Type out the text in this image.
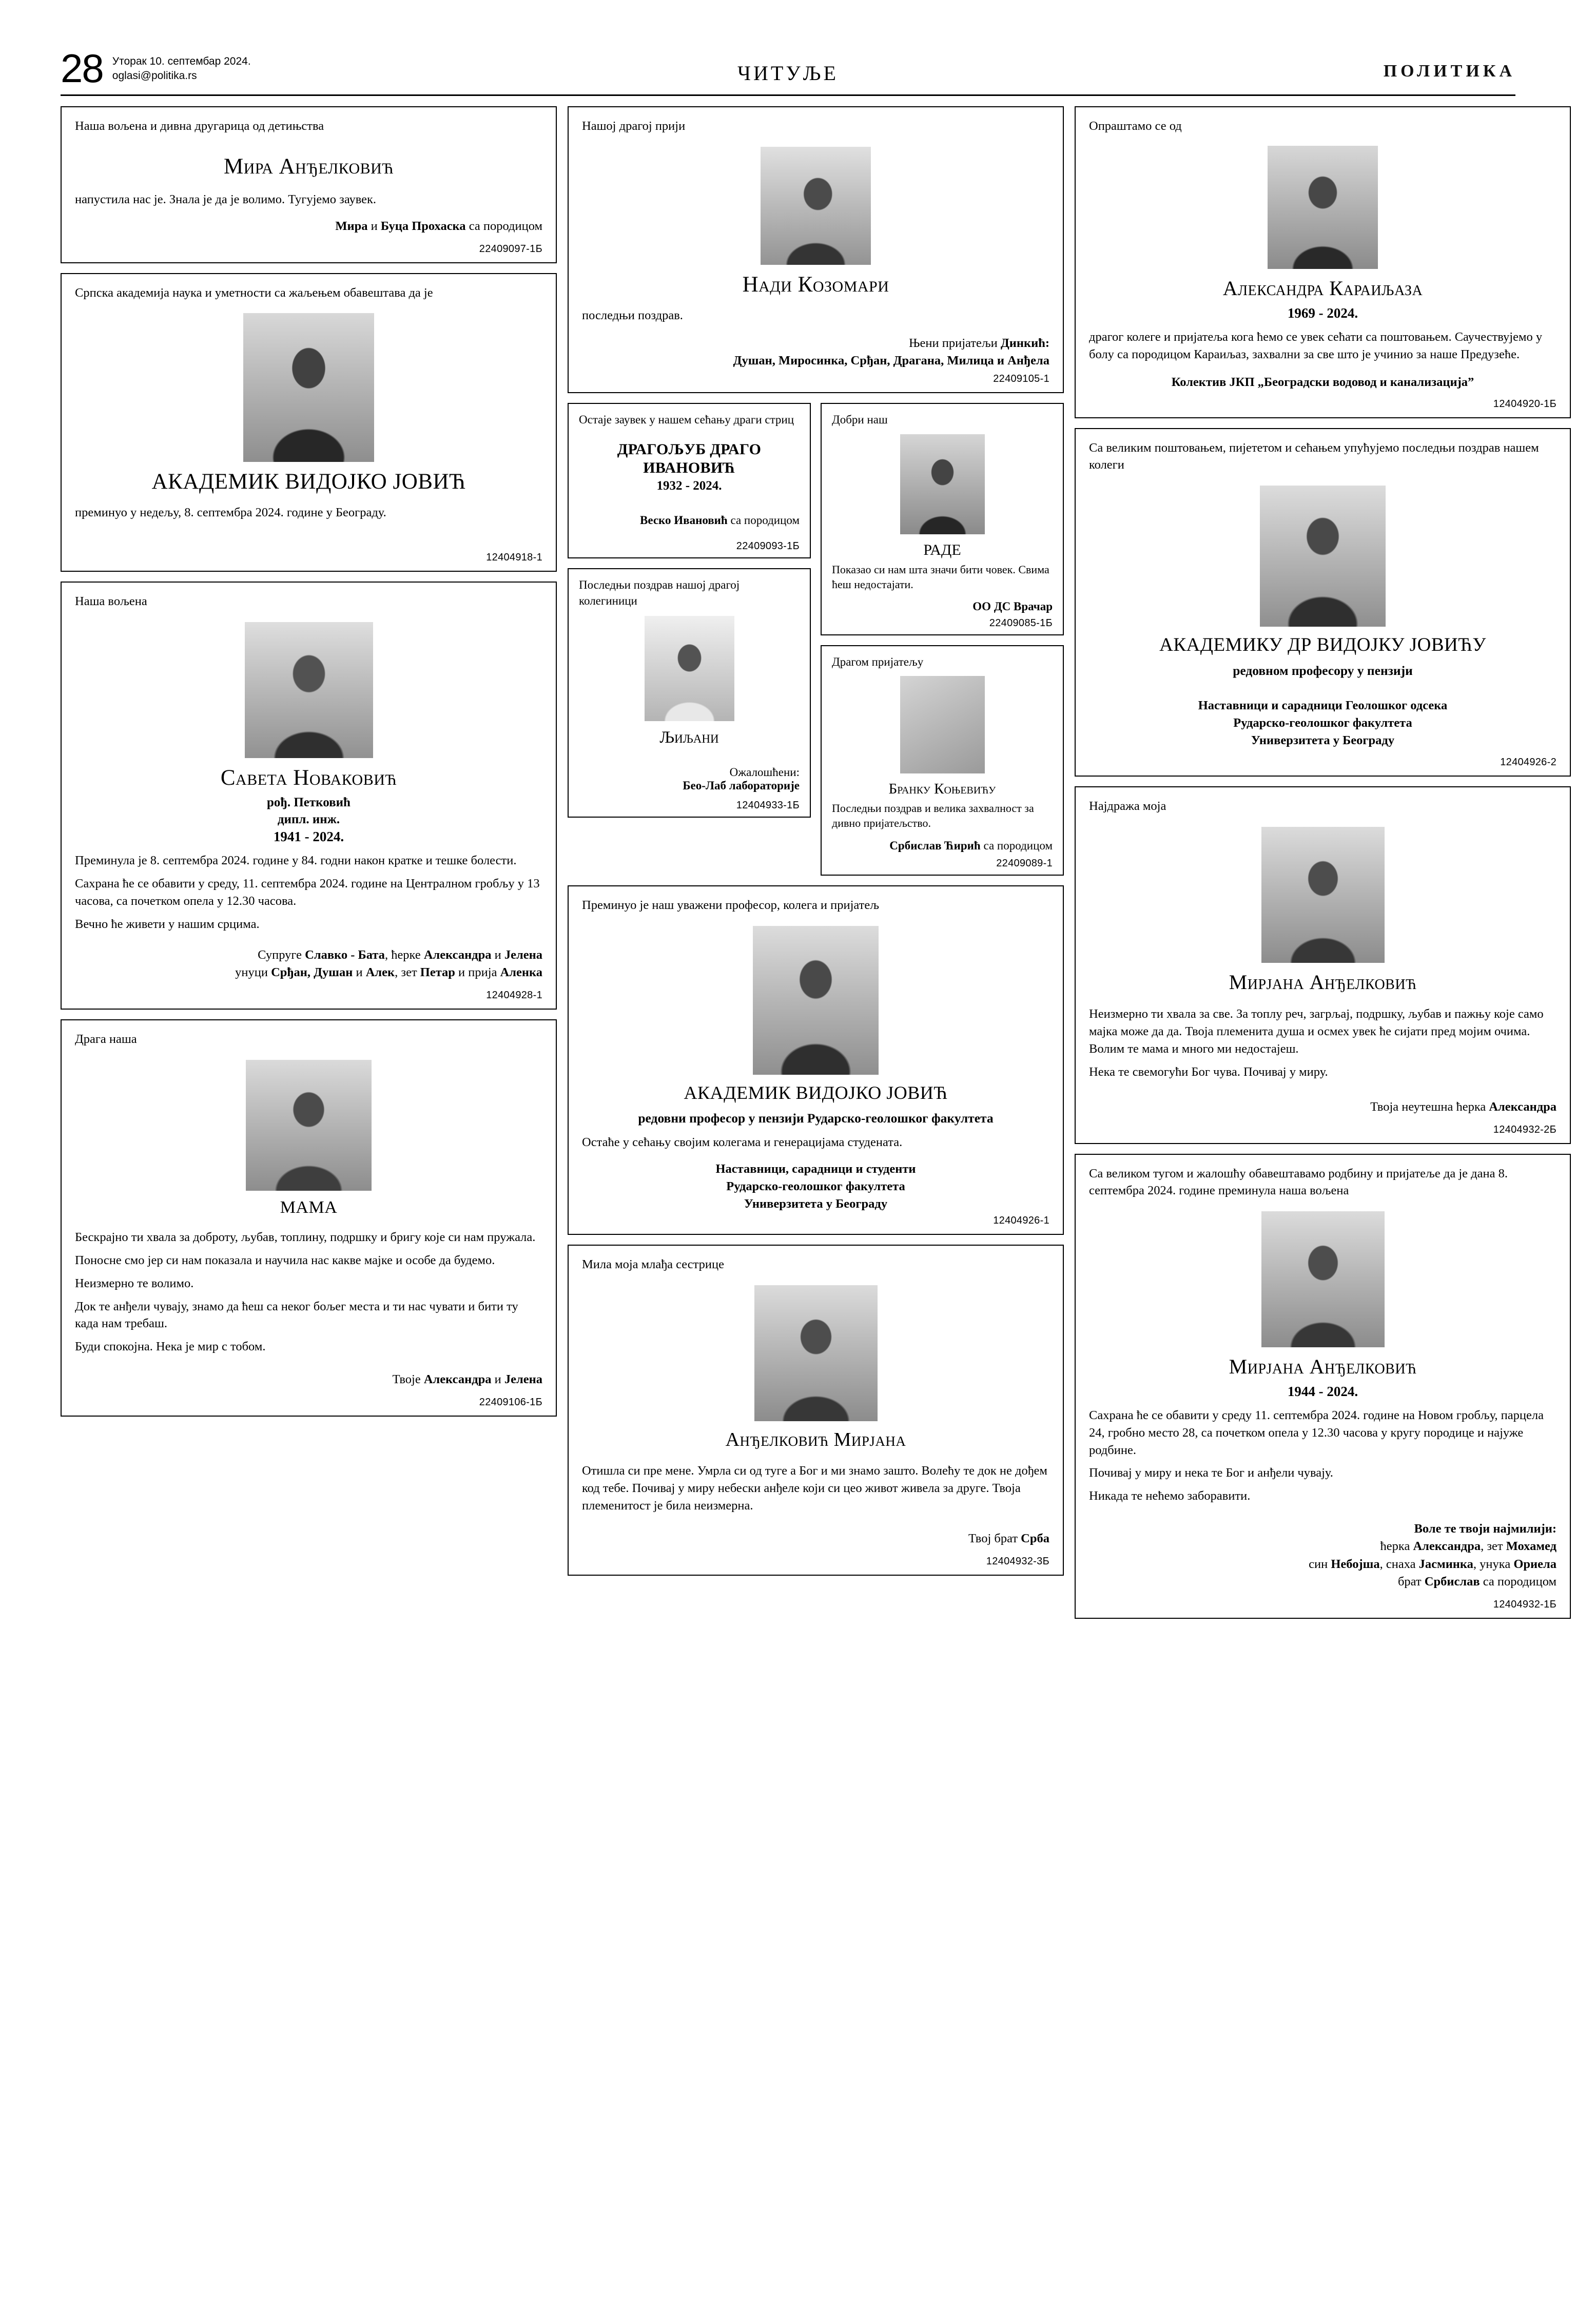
28 Уторак 10. септембар 2024.
oglasi@politika.rs	ЧИТУЉЕ	ПОЛИТИКА
Наша вољена и дивна другарица од детињства
Мира Анђелковић
напустила нас је. Знала је да је волимо. Тугујемо заувек.
Мира и Буца Прохаска са породицом
22409097-1Б
Српска академија наука и уметности са жаљењем обавештава да је
АКАДЕМИК ВИДОЈКО ЈОВИЋ
преминуо у недељу, 8. септембра 2024. године у Београду.
12404918-1
Наша вољена
Савета Новаковић
рођ. Петковић
дипл. инж.
1941 - 2024.
Преминула је 8. септембра 2024. године у 84. годни након кратке и тешке болести.
Сахрана ће се обавити у среду, 11. септембра 2024. године на Централном гробљу у 13 часова, са почетком опела у 12.30 часова.
Вечно ће живети у нашим срцима.
Супруге Славко - Бата, ћерке Александра и Јелена
унуци Срђан, Душан и Алек, зет Петар и прија Аленка
12404928-1
Драга наша
МАМА
Бескрајно ти хвала за доброту, љубав, топлину, подршку и бригу које си нам пружала.
Поносне смо јер си нам показала и научила нас какве мајке и особе да будемо.
Неизмерно те волимо.
Док те анђели чувају, знамо да ћеш са неког бољег места и ти нас чувати и бити ту када нам требаш.
Буди спокојна. Нека је мир с тобом.
Твоје Александра и Јелена
22409106-1Б
Нашој драгој прији
Нади Козомари
последњи поздрав.
Њени пријатељи Динкић:
Душан, Миросинка, Срђан, Драгана, Милица и Анђела
22409105-1
Остаје заувек у нашем сећању драги стриц
ДРАГОЉУБ ДРАГО ИВАНОВИЋ
1932 - 2024.
Веско Ивановић са породицом
22409093-1Б
Последњи поздрав нашој драгој колегиници
Љиљани
Ожалошћени:
Бео-Лаб лабораторије
12404933-1Б
Добри наш
РАДЕ
Показао си нам шта значи бити човек. Свима ћеш недостајати.
ОО ДС Врачар
22409085-1Б
Драгом пријатељу
Бранку Коњевићу
Последњи поздрав и велика захвалност за дивно пријатељство.
Србислав Ћирић са породицом
22409089-1
Преминуо је наш уважени професор, колега и пријатељ
АКАДЕМИК ВИДОЈКО ЈОВИЋ
редовни професор у пензији Рударско-геолошког факултета
Остаће у сећању својим колегама и генерацијама студената.
Наставници, сарадници и студенти
Рударско-геолошког факултета
Универзитета у Београду
12404926-1
Мила моја млађа сестрице
Анђелковић Мирјана
Отишла си пре мене. Умрла си од туге а Бог и ми знамо зашто. Волећу те док не дођем код тебе. Почивај у миру небески анђеле који си цео живот живела за друге. Твоја племенитост је била неизмерна.
Твој брат Срба
12404932-3Б
Опраштамо се од
Александра Караиљаза
1969 - 2024.
драгог колеге и пријатеља кога ћемо се увек сећати са поштовањем. Саучествујемо у болу са породицом Караиљаз, захвални за све што је учинио за наше Предузеће.
Колектив ЈКП „Београдски водовод и канализација”
12404920-1Б
Са великим поштовањем, пијететом и сећањем упућујемо последњи поздрав нашем колеги
АКАДЕМИКУ ДР ВИДОЈКУ ЈОВИЋУ
редовном професору у пензији
Наставници и сарадници Геолошког одсека
Рударско-геолошког факултета
Универзитета у Београду
12404926-2
Најдража моја
Мирјана Анђелковић
Неизмерно ти хвала за све. За топлу реч, загрљај, подршку, љубав и пажњу које само мајка може да да. Твоја племенита душа и осмех увек ће сијати пред мојим очима. Волим те мама и много ми недостајеш.
Нека те свемогући Бог чува. Почивај у миру.
Твоја неутешна ћерка Александра
12404932-2Б
Са великом тугом и жалошћу обавештавамо родбину и пријатеље да је дана 8. септембра 2024. године преминула наша вољена
Мирјана Анђелковић
1944 - 2024.
Сахрана ће се обавити у среду 11. септембра 2024. године на Новом гробљу, парцела 24, гробно место 28, са почетком опела у 12.30 часова у кругу породице и најуже родбине.
Почивај у миру и нека те Бог и анђели чувају.
Никада те нећемо заборавити.
Воле те твоји најмилији:
ћерка Александра, зет Мохамед
син Небојша, снаха Јасминка, унука Ориела
брат Србислав са породицом
12404932-1Б
